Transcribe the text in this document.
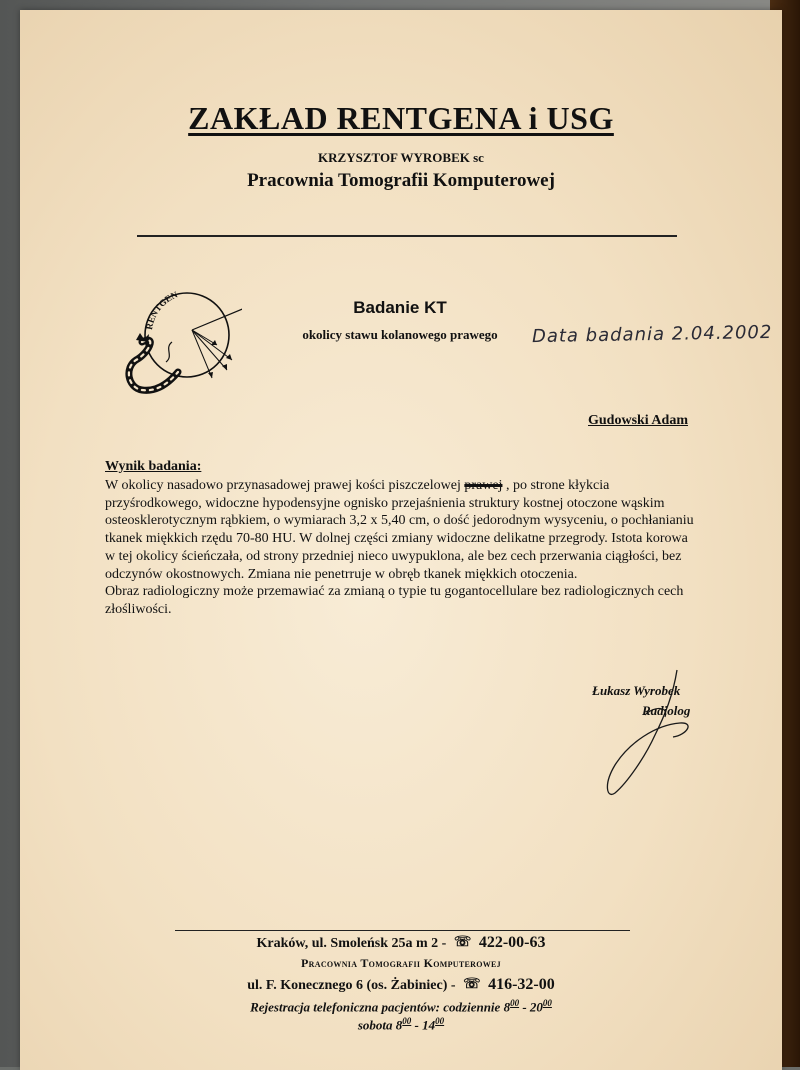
ZAKŁAD RENTGENA i USG
KRZYSZTOF WYROBEK sc
Pracownia Tomografii Komputerowej
RENTGEN
Badanie KT
okolicy stawu kolanowego prawego	Data badania 2.04.2002
Gudowski Adam
Wynik badania:

W okolicy nasadowo przynasadowej prawej kości piszczelowej prawej , po strone kłykcia przyśrodkowego, widoczne hypodensyjne ognisko przejaśnienia struktury kostnej otoczone wąskim osteosklerotycznym rąbkiem, o wymiarach 3,2 x 5,40 cm, o dość jedorodnym wysyceniu, o pochłanianiu tkanek miękkich rzędu 70-80 HU. W dolnej części zmiany widoczne delikatne przegrody. Istota korowa w tej okolicy ścieńczała, od strony przedniej nieco uwypuklona, ale bez cech przerwania ciągłości, bez odczynów okostnowych. Zmiana nie penetrruje w obręb tkanek miękkich otoczenia.

Obraz radiologiczny może przemawiać za zmianą o typie tu gogantocellulare bez radiologicznych cech złośliwości.

Łukasz Wyrobek
Radiolog
Kraków, ul. Smoleńsk 25a m 2 - ☏ 422-00-63
Pracownia Tomografii Komputerowej
ul. F. Konecznego 6 (os. Żabiniec) - ☏ 416-32-00
Rejestracja telefoniczna pacjentów: codziennie $8^{00} - 20^{00}$
sobota $8^{00} - 14^{00}$
